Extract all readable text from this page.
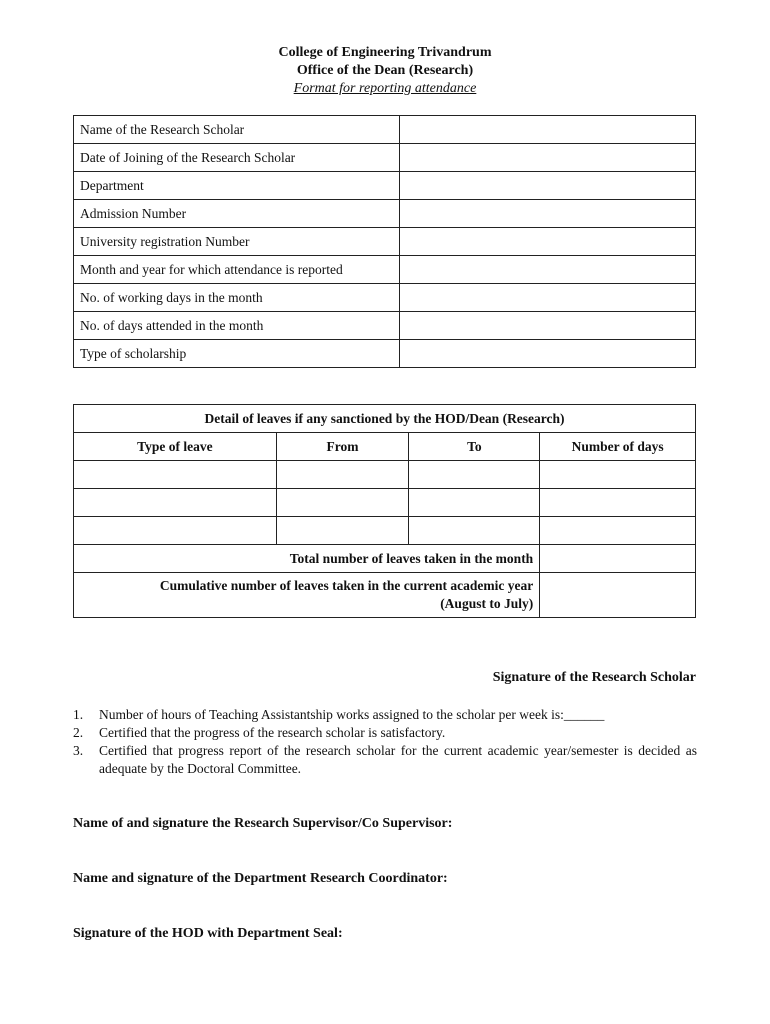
College of Engineering Trivandrum
Office of the Dean (Research)
Format for reporting attendance
Name of the Research Scholar	
Date of Joining of the Research Scholar	
Department	
Admission Number	
University registration Number	
Month and year for which attendance is reported	
No. of working days in the month	
No. of days attended in the month	
Type of scholarship	
Detail of leaves if any sanctioned by the HOD/Dean (Research)			
Type of leave	From	To	Number of days

Total number of leaves taken in the month			

Cumulative number of leaves taken in the current academic year
(August to July)			

Signature of the Research Scholar
1. Number of hours of Teaching Assistantship works assigned to the scholar per week is:______
2. Certified that the progress of the research scholar is satisfactory.
3. Certified that progress report of the research scholar for the current academic year/semester is decided as adequate by the Doctoral Committee.
Name of and signature the Research Supervisor/Co Supervisor:
Name and signature of the Department Research Coordinator:
Signature of the HOD with Department Seal:
